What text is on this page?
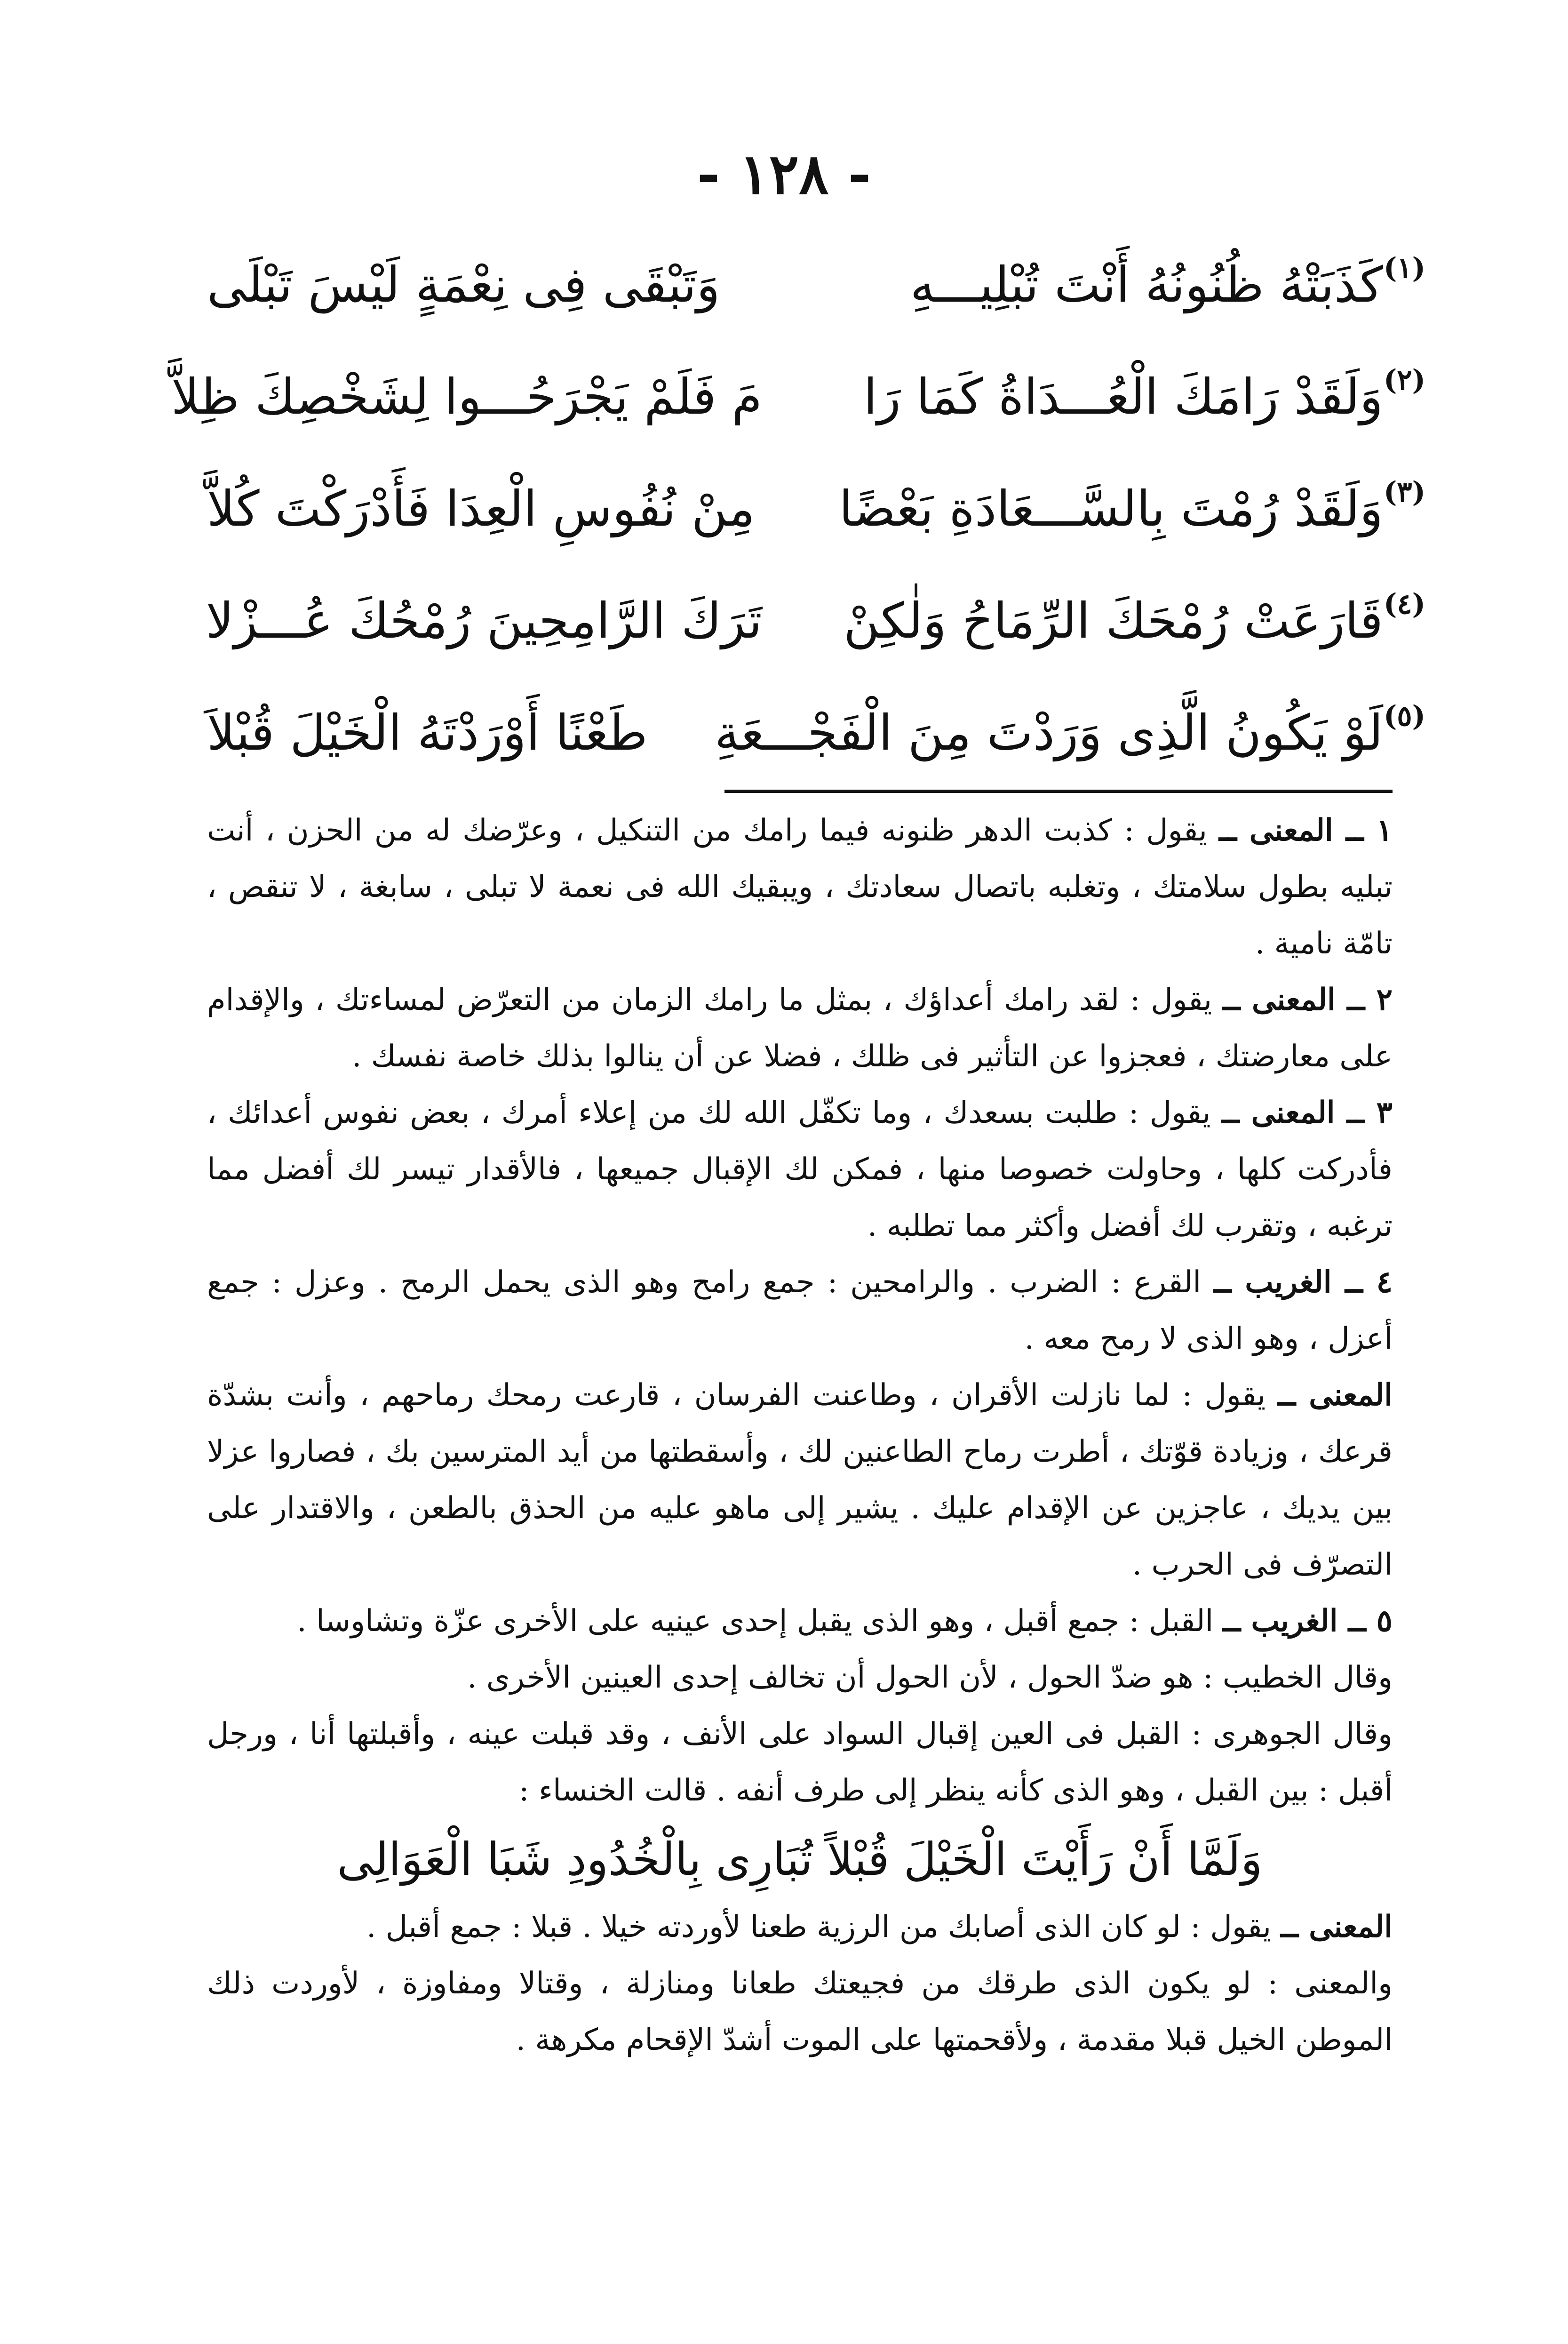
- ١٢٨ -
كَذَبَتْهُ ظُنُونُهُ أَنْتَ تُبْلِيـــهِ
وَتَبْقَى فِى نِعْمَةٍ لَيْسَ تَبْلَى	(١)
وَلَقَدْ رَامَكَ الْعُـــدَاةُ كَمَا رَا
مَ فَلَمْ يَجْرَحُـــوا لِشَخْصِكَ ظِلاَّ	(٢)
وَلَقَدْ رُمْتَ بِالسَّـــعَادَةِ بَعْضًا
مِنْ نُفُوسِ الْعِدَا فَأَدْرَكْتَ كُلاَّ	(٣)
قَارَعَتْ رُمْحَكَ الرِّمَاحُ وَلٰكِنْ
تَرَكَ الرَّامِحِينَ رُمْحُكَ عُـــزْلا	(٤)
لَوْ يَكُونُ الَّذِى وَرَدْتَ مِنَ الْفَجْـــعَةِ
طَعْنًا أَوْرَدْتَهُ الْخَيْلَ قُبْلاَ	(٥)

١ ــ المعنى ــ يقول : كذبت الدهر ظنونه فيما رامك من التنكيل ، وعرّضك له من الحزن ، أنت تبليه بطول سلامتك ، وتغلبه باتصال سعادتك ، ويبقيك الله فى نعمة لا تبلى ، سابغة ، لا تنقص ، تامّة نامية .

٢ ــ المعنى ــ يقول : لقد رامك أعداؤك ، بمثل ما رامك الزمان من التعرّض لمساءتك ، والإقدام على معارضتك ، فعجزوا عن التأثير فى ظلك ، فضلا عن أن ينالوا بذلك خاصة نفسك .

٣ ــ المعنى ــ يقول : طلبت بسعدك ، وما تكفّل الله لك من إعلاء أمرك ، بعض نفوس أعدائك ، فأدركت كلها ، وحاولت خصوصا منها ، فمكن لك الإقبال جميعها ، فالأقدار تيسر لك أفضل مما ترغبه ، وتقرب لك أفضل وأكثر مما تطلبه .

٤ ــ الغريب ــ القرع : الضرب . والرامحين : جمع رامح وهو الذى يحمل الرمح . وعزل : جمع أعزل ، وهو الذى لا رمح معه .

المعنى ــ يقول : لما نازلت الأقران ، وطاعنت الفرسان ، قارعت رمحك رماحهم ، وأنت بشدّة قرعك ، وزيادة قوّتك ، أطرت رماح الطاعنين لك ، وأسقطتها من أيد المترسين بك ، فصاروا عزلا بين يديك ، عاجزين عن الإقدام عليك . يشير إلى ماهو عليه من الحذق بالطعن ، والاقتدار على التصرّف فى الحرب .

٥ ــ الغريب ــ القبل : جمع أقبل ، وهو الذى يقبل إحدى عينيه على الأخرى عزّة وتشاوسا .

وقال الخطيب : هو ضدّ الحول ، لأن الحول أن تخالف إحدى العينين الأخرى .

وقال الجوهرى : القبل فى العين إقبال السواد على الأنف ، وقد قبلت عينه ، وأقبلتها أنا ، ورجل أقبل : بين القبل ، وهو الذى كأنه ينظر إلى طرف أنفه . قالت الخنساء :

وَلَمَّا أَنْ رَأَيْتَ الْخَيْلَ قُبْلاً تُبَارِى بِالْخُدُودِ شَبَا الْعَوَالِى

المعنى ــ يقول : لو كان الذى أصابك من الرزية طعنا لأوردته خيلا . قبلا : جمع أقبل .

والمعنى : لو يكون الذى طرقك من فجيعتك طعانا ومنازلة ، وقتالا ومفاوزة ، لأوردت ذلك الموطن الخيل قبلا مقدمة ، ولأقحمتها على الموت أشدّ الإقحام مكرهة .
